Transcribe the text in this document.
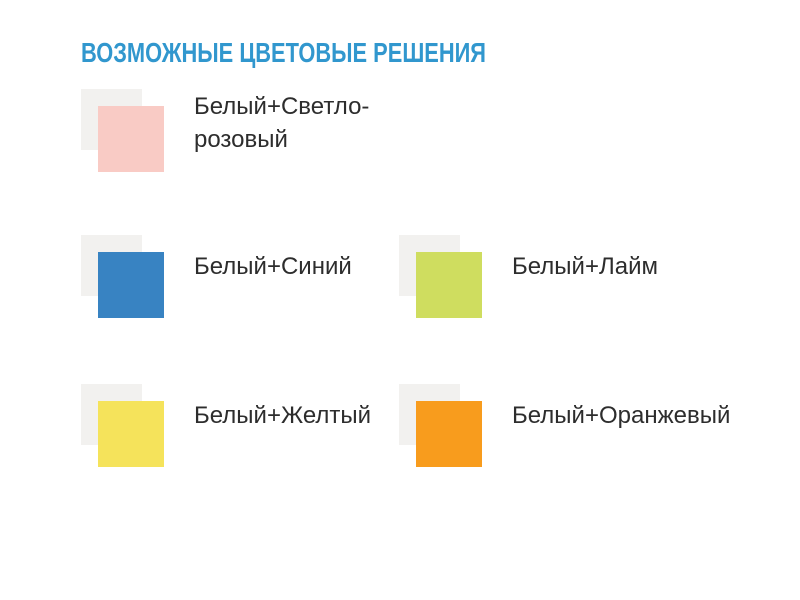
ВОЗМОЖНЫЕ ЦВЕТОВЫЕ РЕШЕНИЯ
Белый+Светло-розовый
Белый+Синий	Белый+Лайм
Белый+Желтый	Белый+Оранжевый
